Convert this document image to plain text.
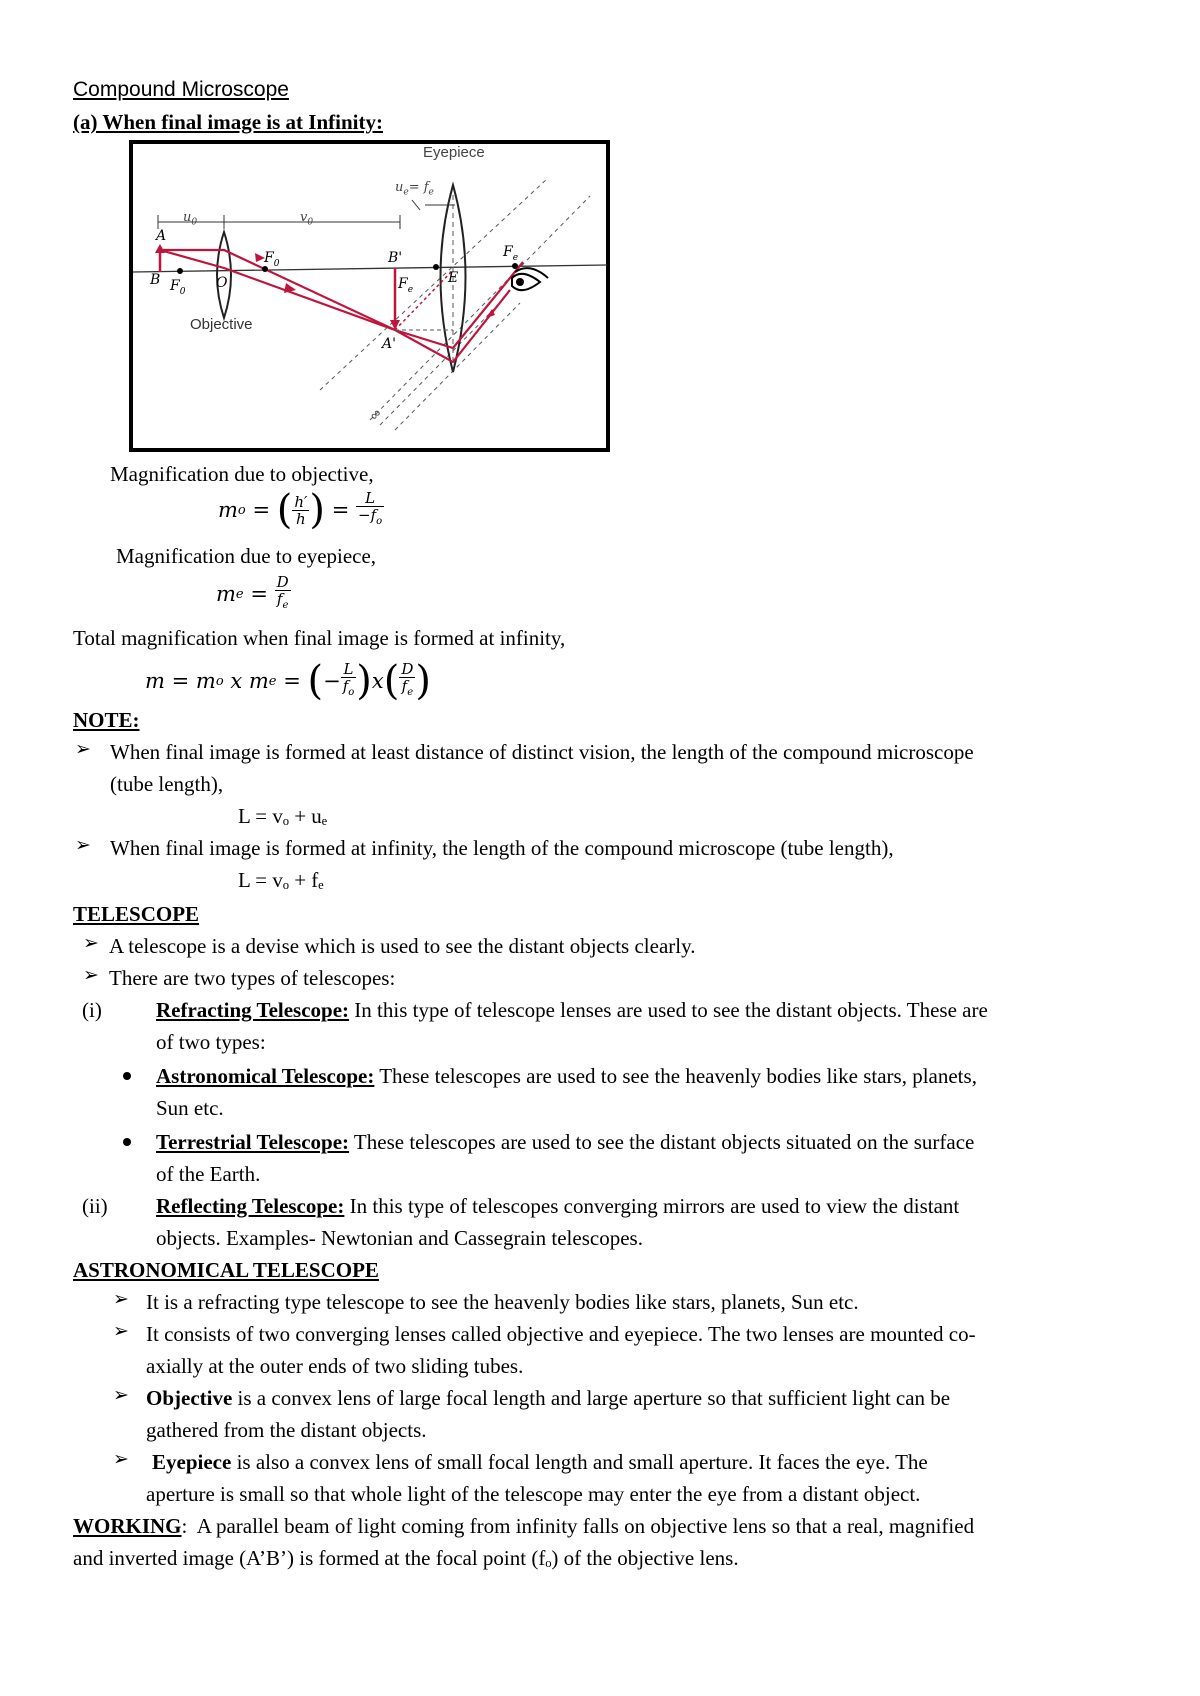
Compound Microscope
(a) When final image is at Infinity:
Eyepiece
$u_e= f_e$
$u_0$	$v_0$
A
B $F_0$
O
$F_0$	B'
$F_e$
E
$F_e$
A'
Objective
∞
Magnification due to objective,
m o
=
( $\frac{h'}{h}$ )
=
$\frac{L}{-f_o}$
Magnification due to eyepiece,
m e
=
$\frac{D}{f_e}$
Total magnification when final image is formed at infinity,
m
=
m o
x
m e
=
( − $\frac{L}{f_o}$ ) x ( $\frac{D}{f_e}$ )
NOTE:
➢ When final image is formed at least distance of distinct vision, the length of the compound microscope
(tube length),
L = vₒ + uₑ
➢ When final image is formed at infinity, the length of the compound microscope (tube length),
L = vₒ + fₑ
TELESCOPE
➢ A telescope is a devise which is used to see the distant objects clearly.
➢ There are two types of telescopes:
(i)	Refracting Telescope: In this type of telescope lenses are used to see the distant objects. These are
of two types:
Astronomical Telescope: These telescopes are used to see the heavenly bodies like stars, planets,
Sun etc.
Terrestrial Telescope: These telescopes are used to see the distant objects situated on the surface
of the Earth.
(ii) Reflecting Telescope: In this type of telescopes converging mirrors are used to view the distant
objects. Examples- Newtonian and Cassegrain telescopes.
ASTRONOMICAL TELESCOPE
➢ It is a refracting type telescope to see the heavenly bodies like stars, planets, Sun etc.
➢ It consists of two converging lenses called objective and eyepiece. The two lenses are mounted co-
axially at the outer ends of two sliding tubes.
➢ Objective is a convex lens of large focal length and large aperture so that sufficient light can be
gathered from the distant objects.
➢ Eyepiece is also a convex lens of small focal length and small aperture. It faces the eye. The
aperture is small so that whole light of the telescope may enter the eye from a distant object.
WORKING:  A parallel beam of light coming from infinity falls on objective lens so that a real, magnified
and inverted image (A’B’) is formed at the focal point (fₒ) of the objective lens.
